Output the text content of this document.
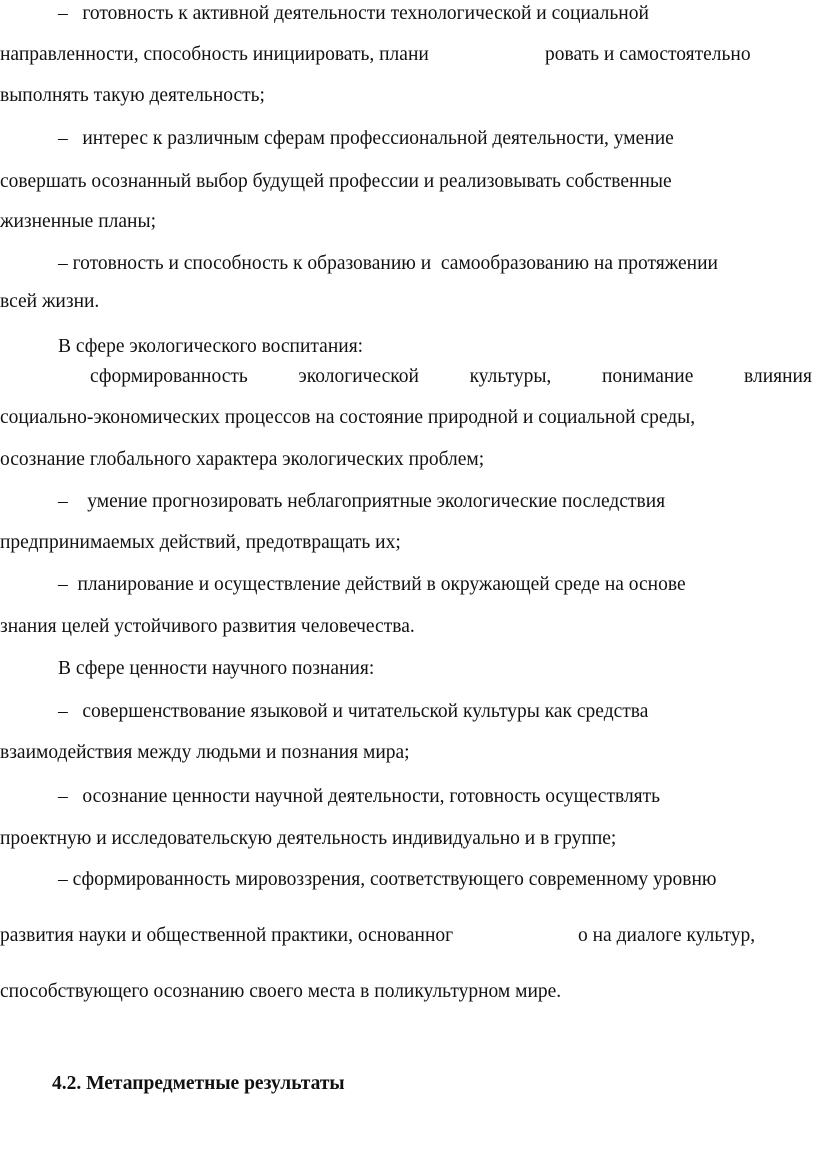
–   готовность к активной деятельности технологической и социальной
направленности, способность инициировать, плани	ровать и самостоятельно
выполнять такую деятельность;
–   интерес к различным сферам профессиональной деятельности, умение
совершать осознанный выбор будущей профессии и реализовывать собственные
жизненные планы;
– готовность и способность к образованию и  самообразованию на протяжении
всей жизни.
В сфере экологического воспитания:
сформированность	экологической	культуры,	понимание	влияния
социально-экономических процессов на состояние природной и социальной среды,
осознание глобального характера экологических проблем;
–    умение прогнозировать неблагоприятные экологические последствия
предпринимаемых действий, предотвращать их;
–  планирование и осуществление действий в окружающей среде на основе
знания целей устойчивого развития человечества.
В сфере ценности научного познания:
–   совершенствование языковой и читательской культуры как средства
взаимодействия между людьми и познания мира;
–   осознание ценности научной деятельности, готовность осуществлять
проектную и исследовательскую деятельность индивидуально и в группе;
– сформированность мировоззрения, соответствующего современному уровню
развития науки и общественной практики, основанног	о на диалоге культур,
способствующего осознанию своего места в поликультурном мире.
4.2. Метапредметные результаты
